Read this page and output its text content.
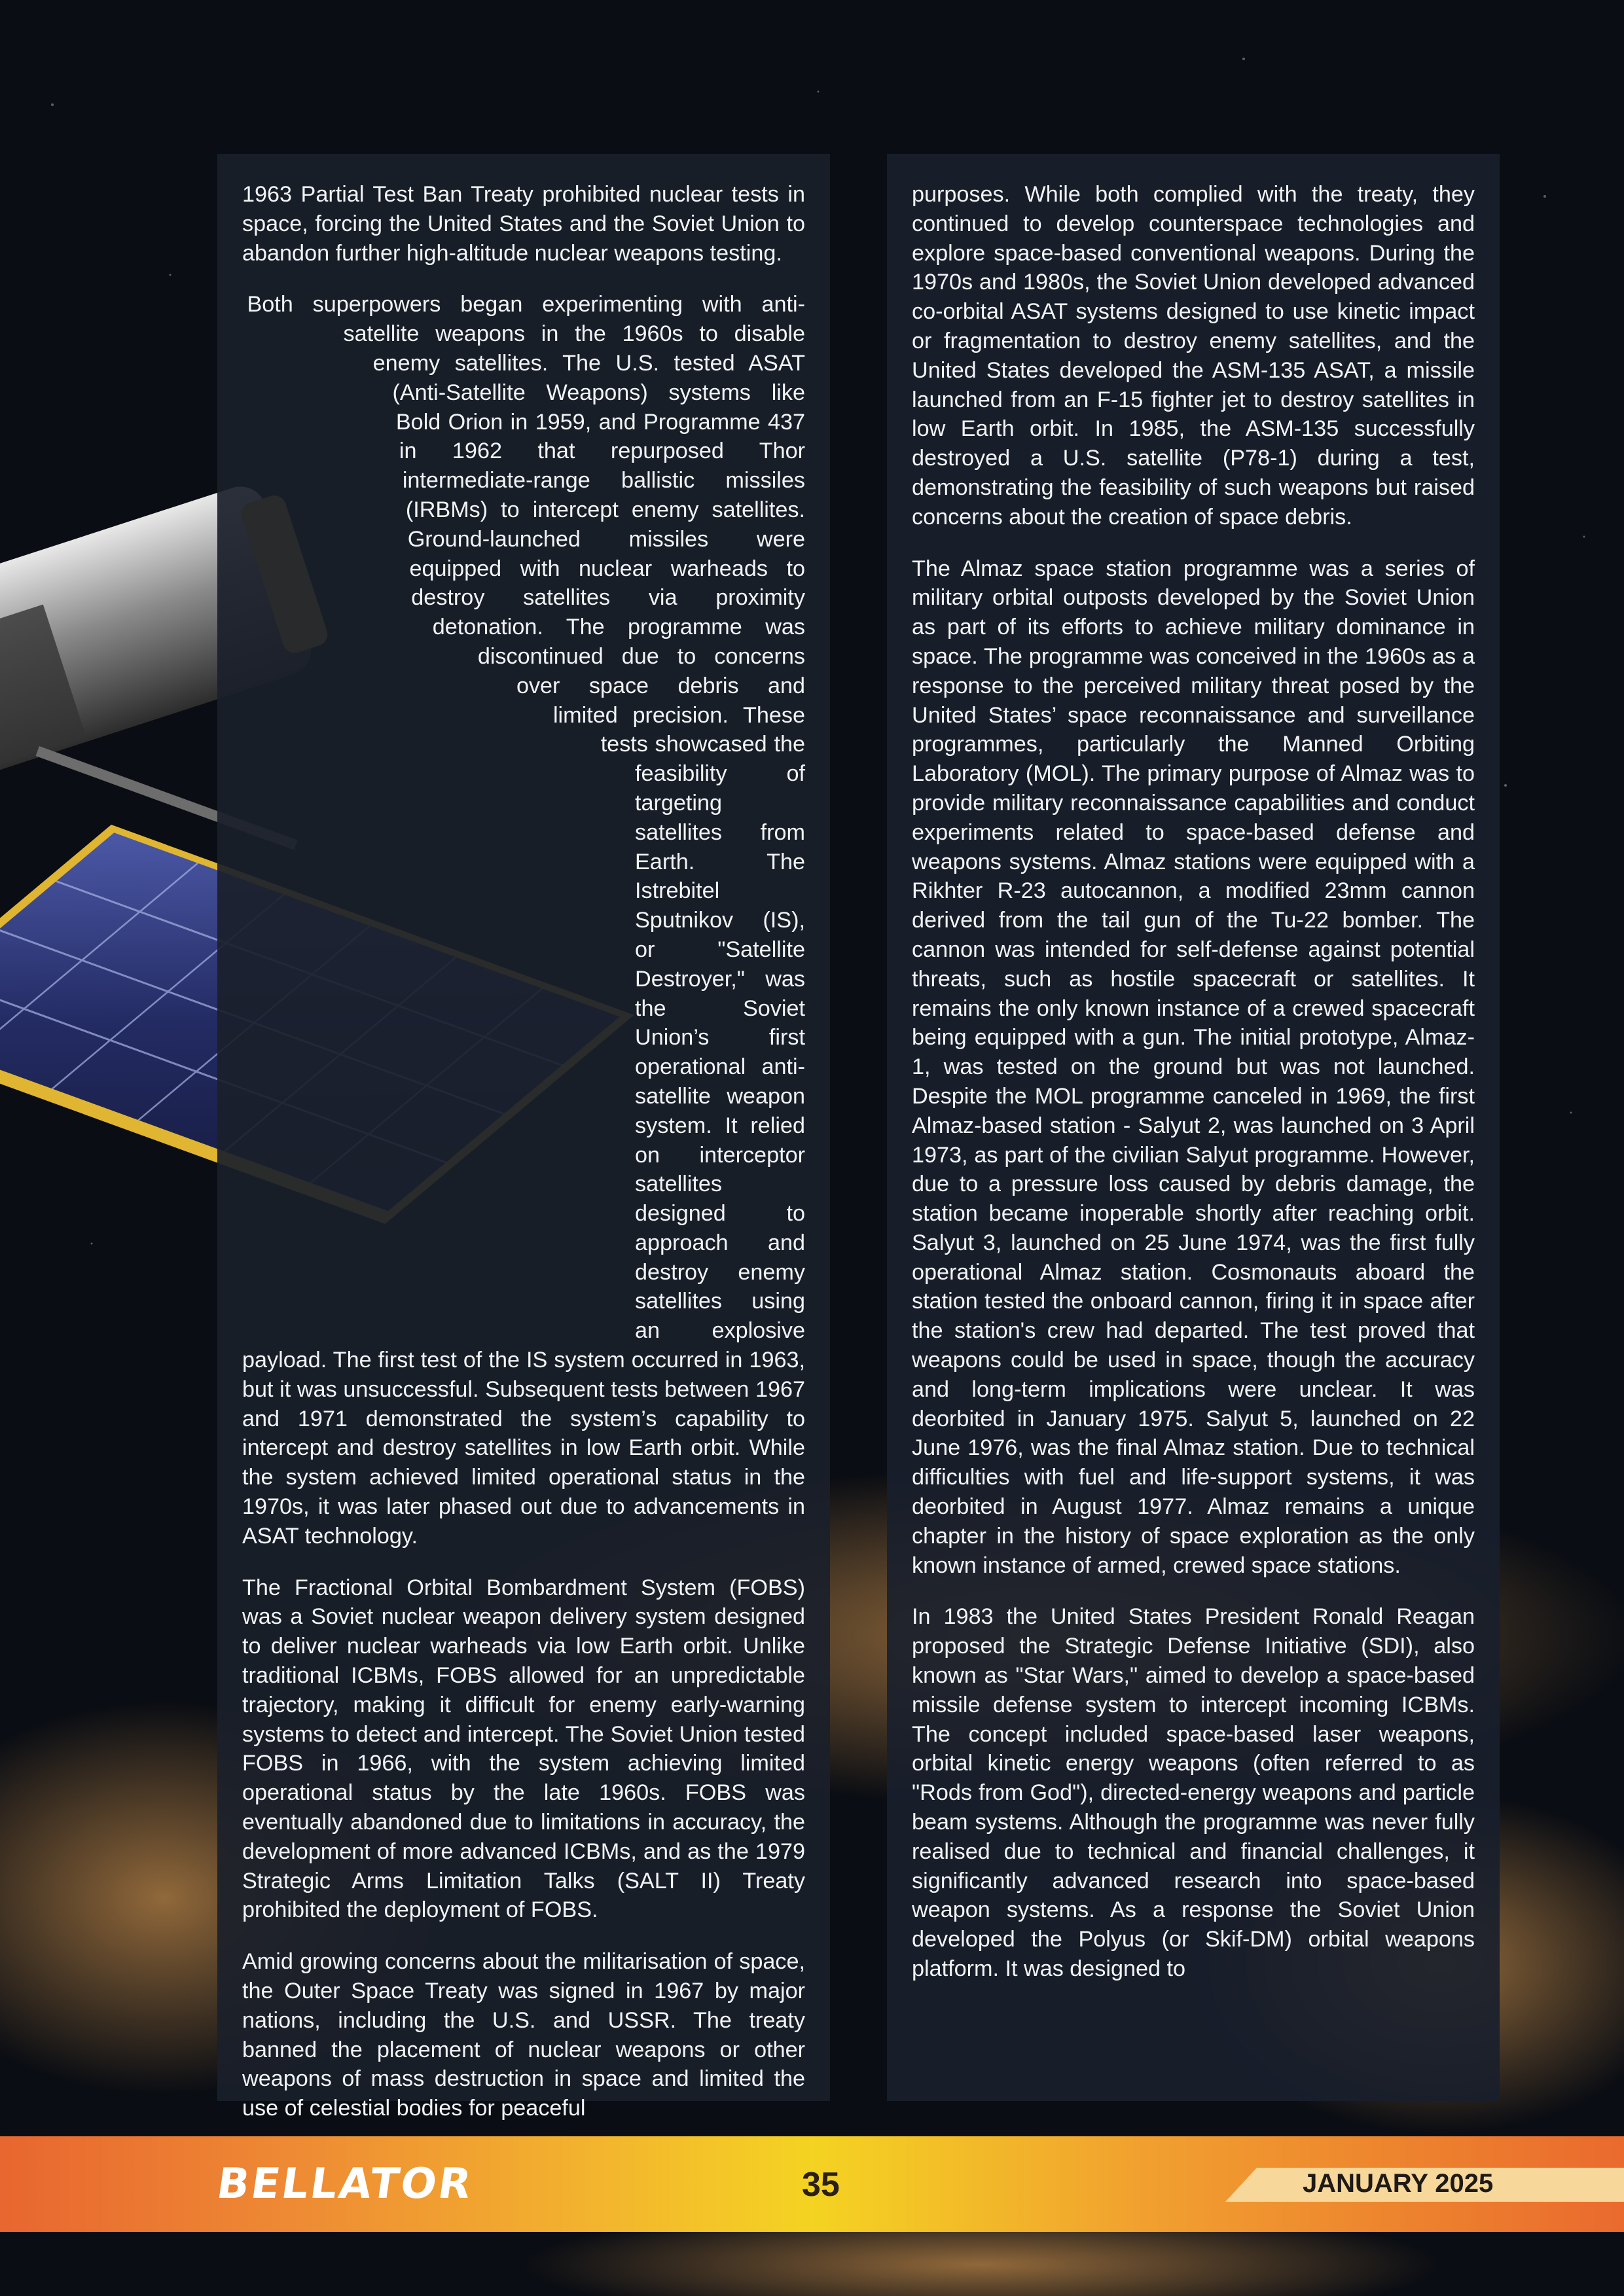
1963 Partial Test Ban Treaty prohibited nuclear tests in space, forcing the United States and the Soviet Union to abandon further high-altitude nuclear weapons testing.

Both superpowers began experimenting with anti-satellite weapons in the 1960s to disable enemy satellites. The U.S. tested ASAT (Anti-Satellite Weapons) systems like Bold Orion in 1959, and Programme 437 in 1962 that repurposed Thor intermediate-range ballistic missiles (IRBMs) to intercept enemy satellites. Ground-launched missiles were equipped with nuclear warheads to destroy satellites via proximity detonation. The programme was discontinued due to concerns over space debris and limited precision. These tests showcased the feasibility of targeting satellites from Earth. The Istrebitel Sputnikov (IS), or "Satellite Destroyer," was the Soviet Union’s first operational anti-satellite weapon system. It relied on interceptor satellites designed to approach and destroy enemy satellites using an explosive payload. The first test of the IS system occurred in 1963, but it was unsuccessful. Subsequent tests between 1967 and 1971 demonstrated the system’s capability to intercept and destroy satellites in low Earth orbit. While the system achieved limited operational status in the 1970s, it was later phased out due to advancements in ASAT technology.

The Fractional Orbital Bombardment System (FOBS) was a Soviet nuclear weapon delivery system designed to deliver nuclear warheads via low Earth orbit. Unlike traditional ICBMs, FOBS allowed for an unpredictable trajectory, making it difficult for enemy early-warning systems to detect and intercept. The Soviet Union tested FOBS in 1966, with the system achieving limited operational status by the late 1960s. FOBS was eventually abandoned due to limitations in accuracy, the development of more advanced ICBMs, and as the 1979 Strategic Arms Limitation Talks (SALT II) Treaty prohibited the deployment of FOBS.

Amid growing concerns about the militarisation of space, the Outer Space Treaty was signed in 1967 by major nations, including the U.S. and USSR. The treaty banned the placement of nuclear weapons or other weapons of mass destruction in space and limited the use of celestial bodies for peaceful

purposes. While both complied with the treaty, they continued to develop counterspace technologies and explore space-based conventional weapons. During the 1970s and 1980s, the Soviet Union developed advanced co-orbital ASAT systems designed to use kinetic impact or fragmentation to destroy enemy satellites, and the United States developed the ASM-135 ASAT, a missile launched from an F-15 fighter jet to destroy satellites in low Earth orbit. In 1985, the ASM-135 successfully destroyed a U.S. satellite (P78-1) during a test, demonstrating the feasibility of such weapons but raised concerns about the creation of space debris.

The Almaz space station programme was a series of military orbital outposts developed by the Soviet Union as part of its efforts to achieve military dominance in space. The programme was conceived in the 1960s as a response to the perceived military threat posed by the United States’ space reconnaissance and surveillance programmes, particularly the Manned Orbiting Laboratory (MOL). The primary purpose of Almaz was to provide military reconnaissance capabilities and conduct experiments related to space-based defense and weapons systems. Almaz stations were equipped with a Rikhter R-23 autocannon, a modified 23mm cannon derived from the tail gun of the Tu-22 bomber. The cannon was intended for self-defense against potential threats, such as hostile spacecraft or satellites. It remains the only known instance of a crewed spacecraft being equipped with a gun. The initial prototype, Almaz-1, was tested on the ground but was not launched. Despite the MOL programme canceled in 1969, the first Almaz-based station - Salyut 2, was launched on 3 April 1973, as part of the civilian Salyut programme. However, due to a pressure loss caused by debris damage, the station became inoperable shortly after reaching orbit. Salyut 3, launched on 25 June 1974, was the first fully operational Almaz station. Cosmonauts aboard the station tested the onboard cannon, firing it in space after the station's crew had departed. The test proved that weapons could be used in space, though the accuracy and long-term implications were unclear. It was deorbited in January 1975. Salyut 5, launched on 22 June 1976, was the final Almaz station. Due to technical difficulties with fuel and life-support systems, it was deorbited in August 1977. Almaz remains a unique chapter in the history of space exploration as the only known instance of armed, crewed space stations.

In 1983 the United States President Ronald Reagan proposed the Strategic Defense Initiative (SDI), also known as "Star Wars," aimed to develop a space-based missile defense system to intercept incoming ICBMs. The concept included space-based laser weapons, orbital kinetic energy weapons (often referred to as "Rods from God"), directed-energy weapons and particle beam systems. Although the programme was never fully realised due to technical and financial challenges, it significantly advanced research into space-based weapon systems. As a response the Soviet Union developed the Polyus (or Skif-DM) orbital weapons platform. It was designed to

BELLATOR	35	JANUARY 2025
